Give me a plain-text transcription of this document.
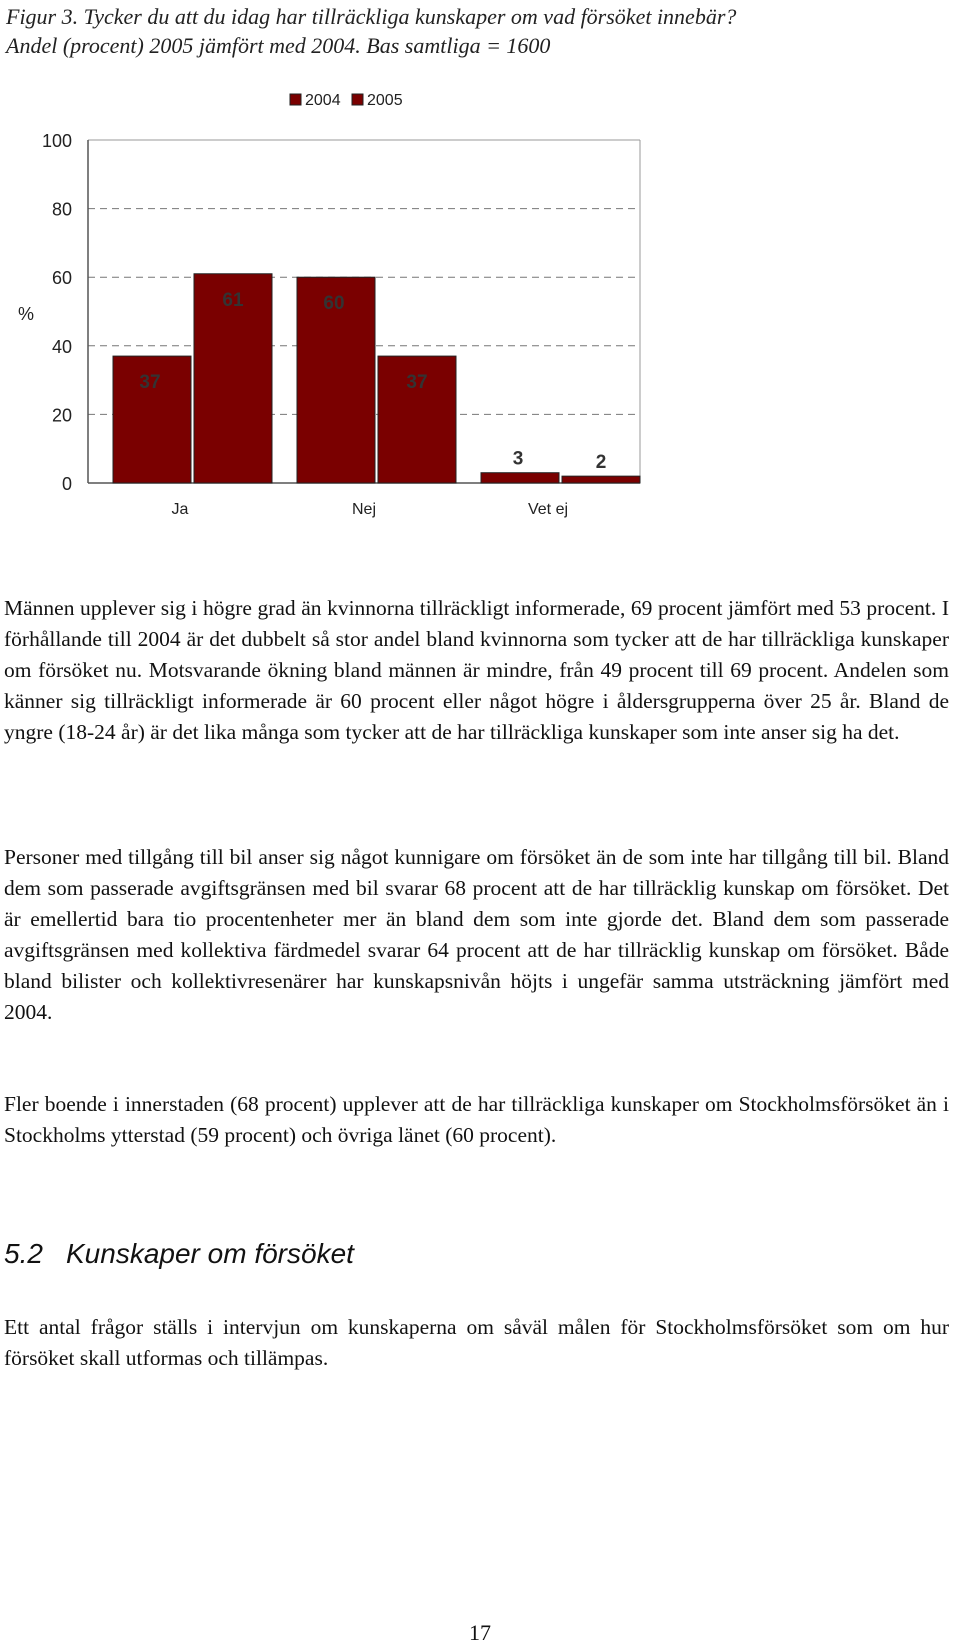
Figur 3. Tycker du att du idag har tillräckliga kunskaper om vad försöket innebär?
Andel (procent) 2005 jämfört med 2004. Bas samtliga = 1600
0
20
40
60
80
100
%
37
61
Ja
60
37
Nej
3	2
Vet ej
2004 2005

Männen upplever sig i högre grad än kvinnorna tillräckligt informerade, 69 procent jämfört med 53 procent. I förhållande till 2004 är det dubbelt så stor andel bland kvinnorna som tycker att de har tillräckliga kunskaper om försöket nu. Motsvarande ökning bland männen är mindre, från 49 procent till 69 procent. Andelen som känner sig tillräckligt informerade är 60 procent eller något högre i åldersgrupperna över 25 år. Bland de yngre (18-24 år) är det lika många som tycker att de har tillräckliga kunskaper som inte anser sig ha det.

Personer med tillgång till bil anser sig något kunnigare om försöket än de som inte har tillgång till bil. Bland dem som passerade avgiftsgränsen med bil svarar 68 procent att de har tillräcklig kunskap om försöket. Det är emellertid bara tio procentenheter mer än bland dem som inte gjorde det. Bland dem som passerade avgiftsgränsen med kollektiva färdmedel svarar 64 procent att de har tillräcklig kunskap om försöket. Både bland bilister och kollektivresenärer har kunskapsnivån höjts i ungefär samma utsträckning jämfört med 2004.

Fler boende i innerstaden (68 procent) upplever att de har tillräckliga kunskaper om Stockholmsförsöket än i Stockholms ytterstad (59 procent) och övriga länet (60 procent).

5.2 Kunskaper om försöket

Ett antal frågor ställs i intervjun om kunskaperna om såväl målen för Stockholmsförsöket som om hur försöket skall utformas och tillämpas.

17
